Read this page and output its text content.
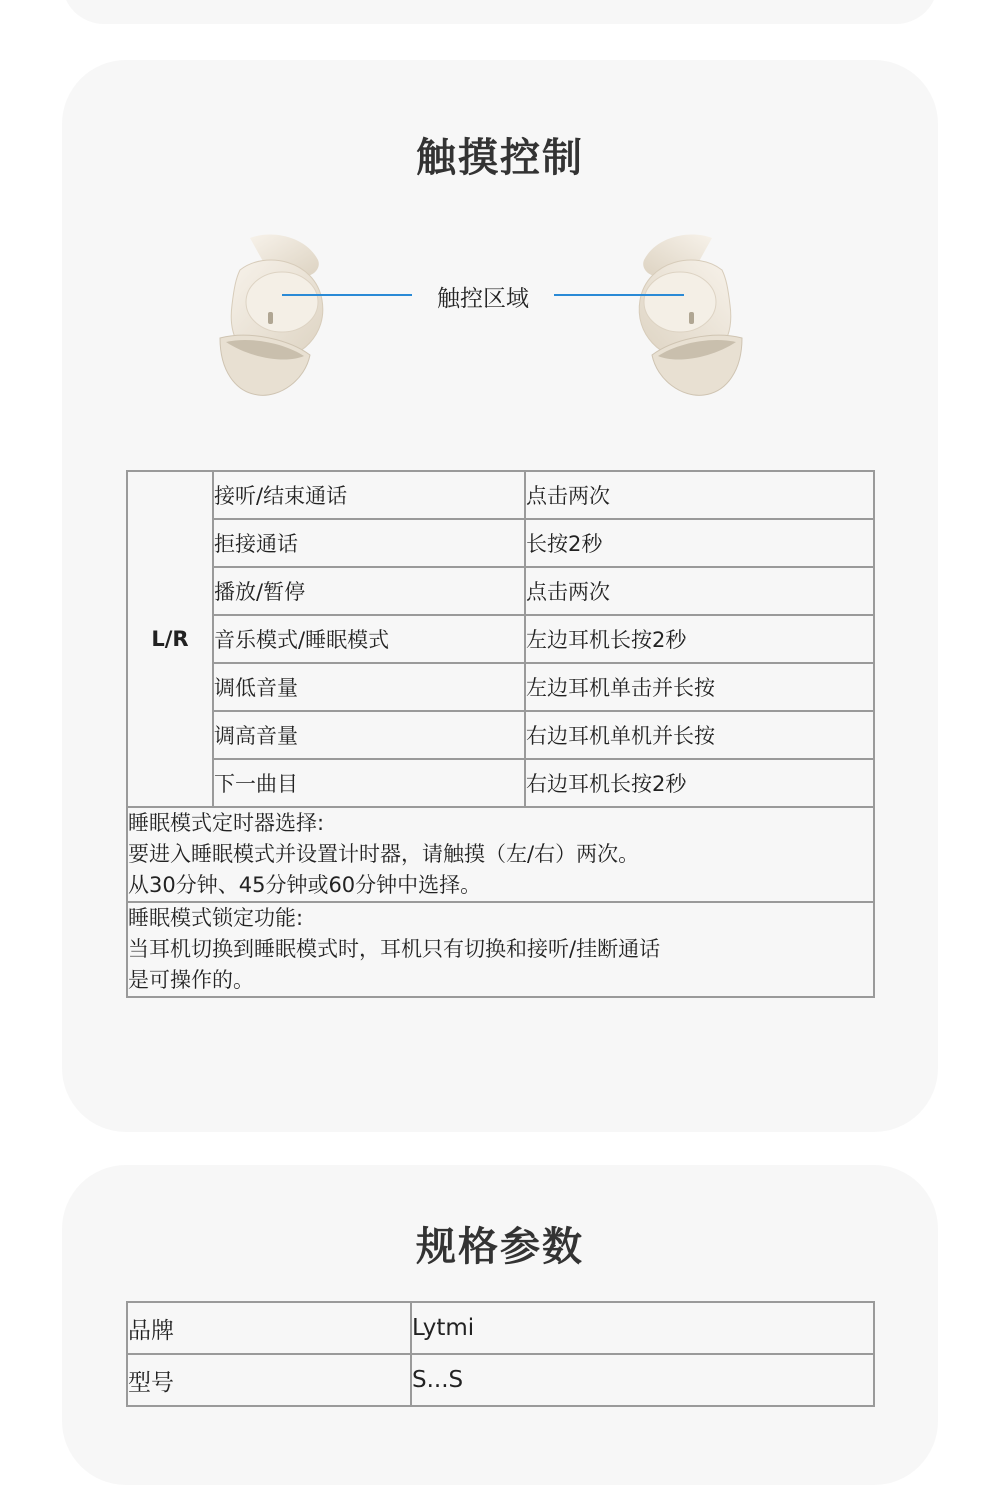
触摸控制
触控区域
L/R	接听/结束通话	点击两次
	拒接通话	长按2秒
	播放/暂停	点击两次
	音乐模式/睡眠模式	左边耳机长按2秒
	调低音量	左边耳机单击并长按
	调高音量	右边耳机单机并长按
	下一曲目	右边耳机长按2秒

睡眠模式定时器选择:

要进入睡眠模式并设置计时器，请触摸（左/右）两次。

从30分钟、45分钟或60分钟中选择。		

睡眠模式锁定功能:

当耳机切换到睡眠模式时，耳机只有切换和接听/挂断通话

是可操作的。		

规格参数
品牌	Lytmi
型号	S...S
